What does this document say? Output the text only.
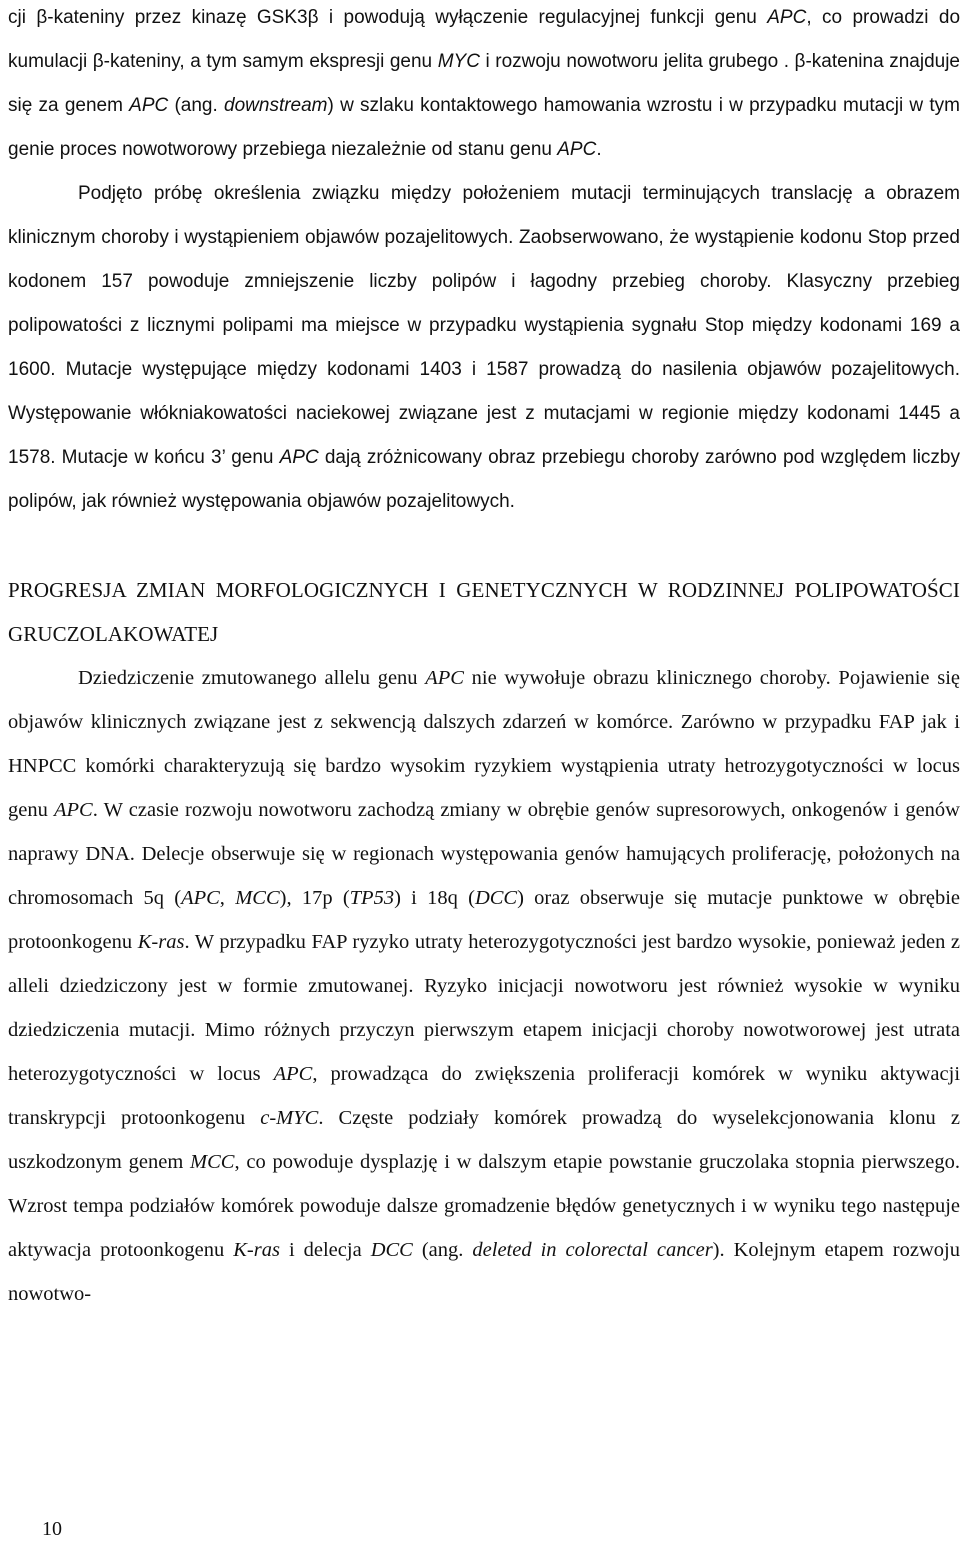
cji β-kateniny przez kinazę GSK3β i powodują wyłączenie regulacyjnej funkcji genu APC, co prowadzi do kumulacji β-kateniny, a tym samym ekspresji genu MYC i rozwoju nowotworu jelita grubego . β-katenina znajduje się za genem APC (ang. downstream) w szlaku kontaktowego hamowania wzrostu i w przypadku mutacji w tym genie proces nowotworowy przebiega niezależnie od stanu genu APC.

Podjęto próbę określenia związku między położeniem mutacji terminujących translację a obrazem klinicznym choroby i wystąpieniem objawów pozajelitowych. Zaobserwowano, że wystąpienie kodonu Stop przed kodonem 157 powoduje zmniejszenie liczby polipów i łagodny przebieg choroby. Klasyczny przebieg polipowatości z licznymi polipami ma miejsce w przypadku wystąpienia sygnału Stop między kodonami 169 a 1600. Mutacje występujące między kodonami 1403 i 1587 prowadzą do nasilenia objawów pozajelitowych. Występowanie włókniakowatości naciekowej związane jest z mutacjami w regionie między kodonami 1445 a 1578. Mutacje w końcu 3’ genu APC dają zróżnicowany obraz przebiegu choroby zarówno pod względem liczby polipów, jak również występowania objawów pozajelitowych.

PROGRESJA ZMIAN MORFOLOGICZNYCH I GENETYCZNYCH W RODZINNEJ POLIPOWATOŚCI GRUCZOLAKOWATEJ

Dziedziczenie zmutowanego allelu genu APC nie wywołuje obrazu klinicznego choroby. Pojawienie się objawów klinicznych związane jest z sekwencją dalszych zdarzeń w komórce. Zarówno w przypadku FAP jak i HNPCC komórki charakteryzują się bardzo wysokim ryzykiem wystąpienia utraty hetrozygotyczności w locus genu APC. W czasie rozwoju nowotworu zachodzą zmiany w obrębie genów supresorowych, onkogenów i genów naprawy DNA. Delecje obserwuje się w regionach występowania genów hamujących proliferację, położonych na chromosomach 5q (APC, MCC), 17p (TP53) i 18q (DCC) oraz obserwuje się mutacje punktowe w obrębie protoonkogenu K-ras. W przypadku FAP ryzyko utraty heterozygotyczności jest bardzo wysokie, ponieważ jeden z alleli dziedziczony jest w formie zmutowanej. Ryzyko inicjacji nowotworu jest również wysokie w wyniku dziedziczenia mutacji. Mimo różnych przyczyn pierwszym etapem inicjacji choroby nowotworowej jest utrata heterozygotyczności w locus APC, prowadząca do zwiększenia proliferacji komórek w wyniku aktywacji transkrypcji protoonkogenu c-MYC. Częste podziały komórek prowadzą do wyselekcjonowania klonu z uszkodzonym genem MCC, co powoduje dysplazję i w dalszym etapie powstanie gruczolaka stopnia pierwszego. Wzrost tempa podziałów komórek powoduje dalsze gromadzenie błędów genetycznych i w wyniku tego następuje aktywacja protoonkogenu K-ras i delecja DCC (ang. deleted in colorectal cancer). Kolejnym etapem rozwoju nowotwo-

10
